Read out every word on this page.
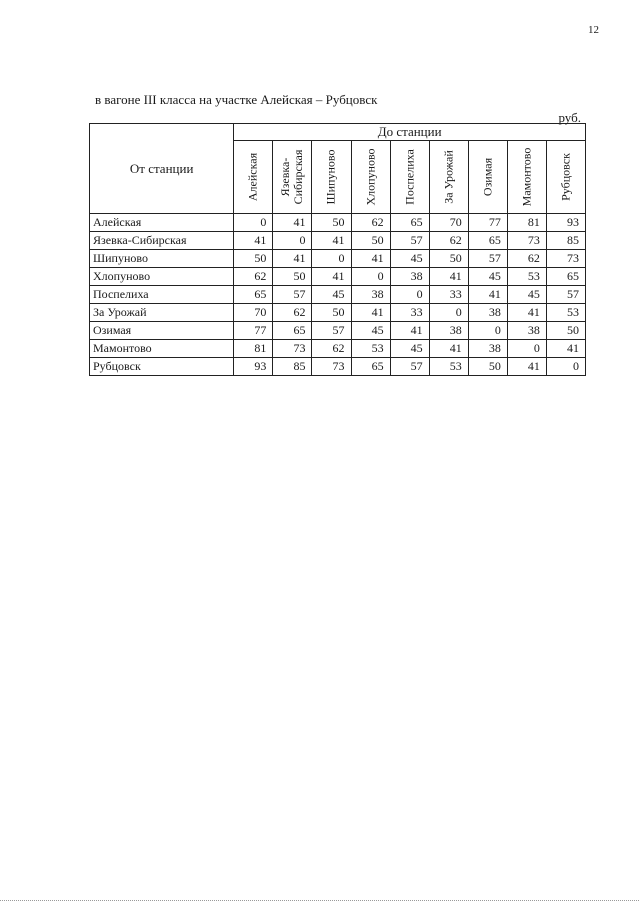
12
в вагоне III класса на участке Алейская – Рубцовск
руб.
От станции	До станции								

	Алейская	Язевка-
Сибирская	Шипуново	Хлопуново	Поспелиха	За Урожай	Озимая	Мамонтово	Рубцовск

Алейская	0	41	50	62	65	70	77	81	93
Язевка-Сибирская	41	0	41	50	57	62	65	73	85
Шипуново	50	41	0	41	45	50	57	62	73
Хлопуново	62	50	41	0	38	41	45	53	65
Поспелиха	65	57	45	38	0	33	41	45	57
За Урожай	70	62	50	41	33	0	38	41	53
Озимая	77	65	57	45	41	38	0	38	50
Мамонтово	81	73	62	53	45	41	38	0	41
Рубцовск	93	85	73	65	57	53	50	41	0
